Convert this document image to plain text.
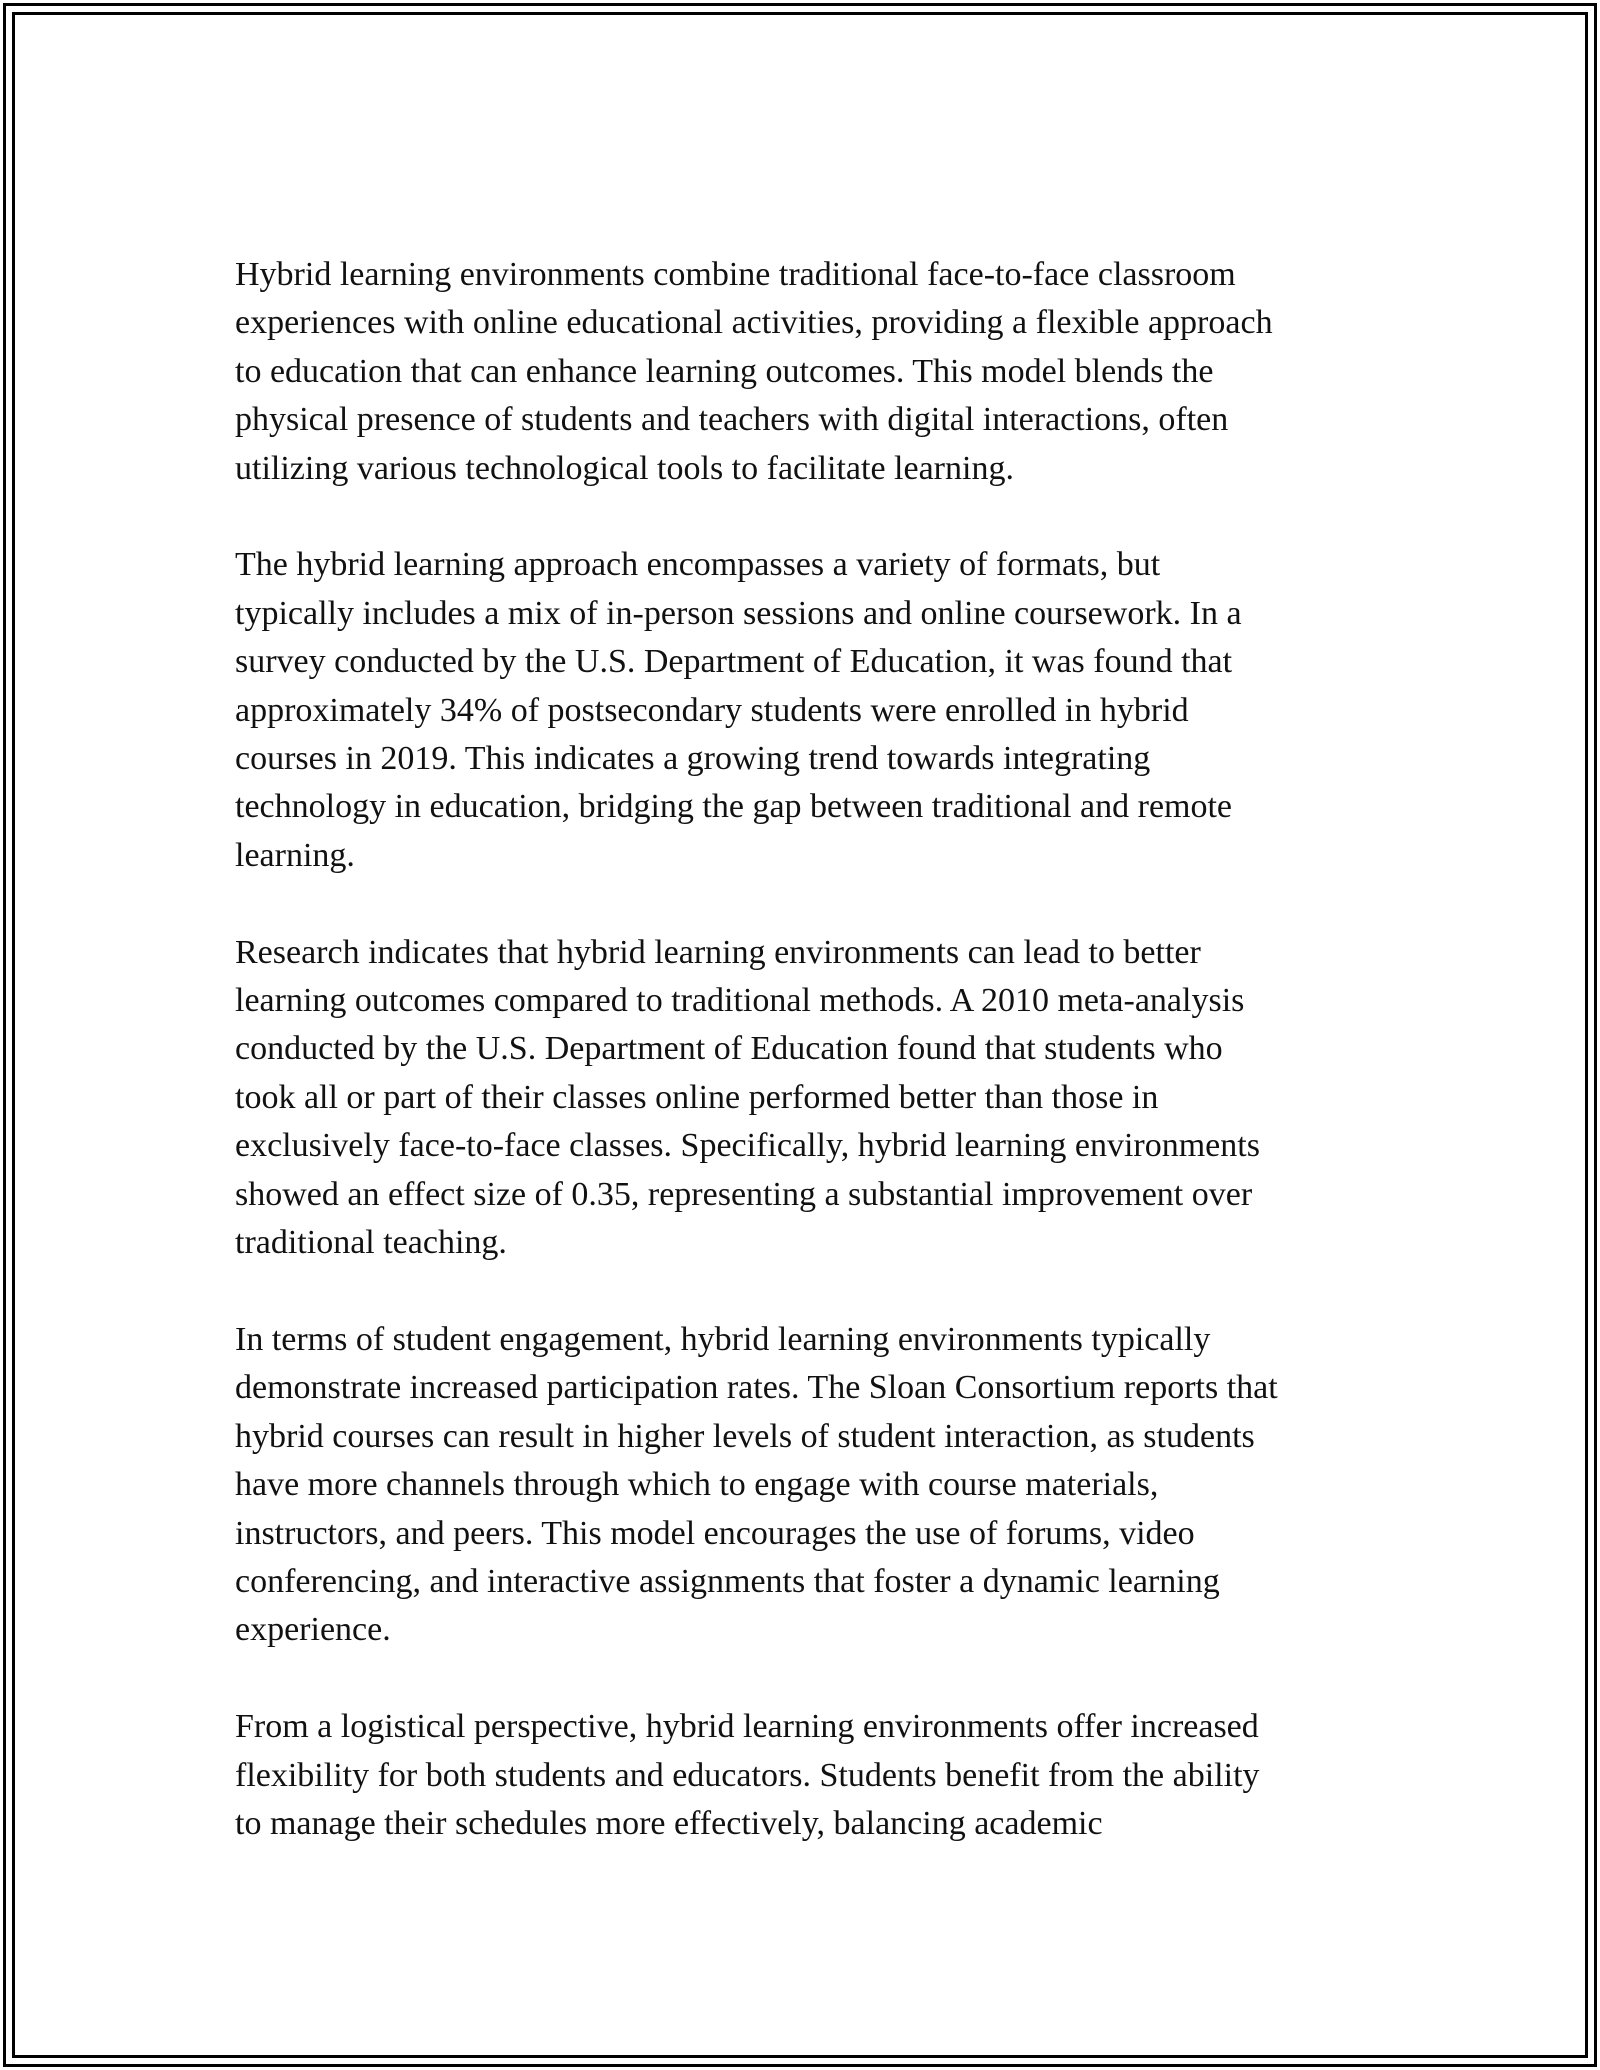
Hybrid learning environments combine traditional face-to-face classroom
experiences with online educational activities, providing a flexible approach
to education that can enhance learning outcomes. This model blends the
physical presence of students and teachers with digital interactions, often
utilizing various technological tools to facilitate learning.
The hybrid learning approach encompasses a variety of formats, but
typically includes a mix of in-person sessions and online coursework. In a
survey conducted by the U.S. Department of Education, it was found that
approximately 34% of postsecondary students were enrolled in hybrid
courses in 2019. This indicates a growing trend towards integrating
technology in education, bridging the gap between traditional and remote
learning.
Research indicates that hybrid learning environments can lead to better
learning outcomes compared to traditional methods. A 2010 meta-analysis
conducted by the U.S. Department of Education found that students who
took all or part of their classes online performed better than those in
exclusively face-to-face classes. Specifically, hybrid learning environments
showed an effect size of 0.35, representing a substantial improvement over
traditional teaching.
In terms of student engagement, hybrid learning environments typically
demonstrate increased participation rates. The Sloan Consortium reports that
hybrid courses can result in higher levels of student interaction, as students
have more channels through which to engage with course materials,
instructors, and peers. This model encourages the use of forums, video
conferencing, and interactive assignments that foster a dynamic learning
experience.
From a logistical perspective, hybrid learning environments offer increased
flexibility for both students and educators. Students benefit from the ability
to manage their schedules more effectively, balancing academic
